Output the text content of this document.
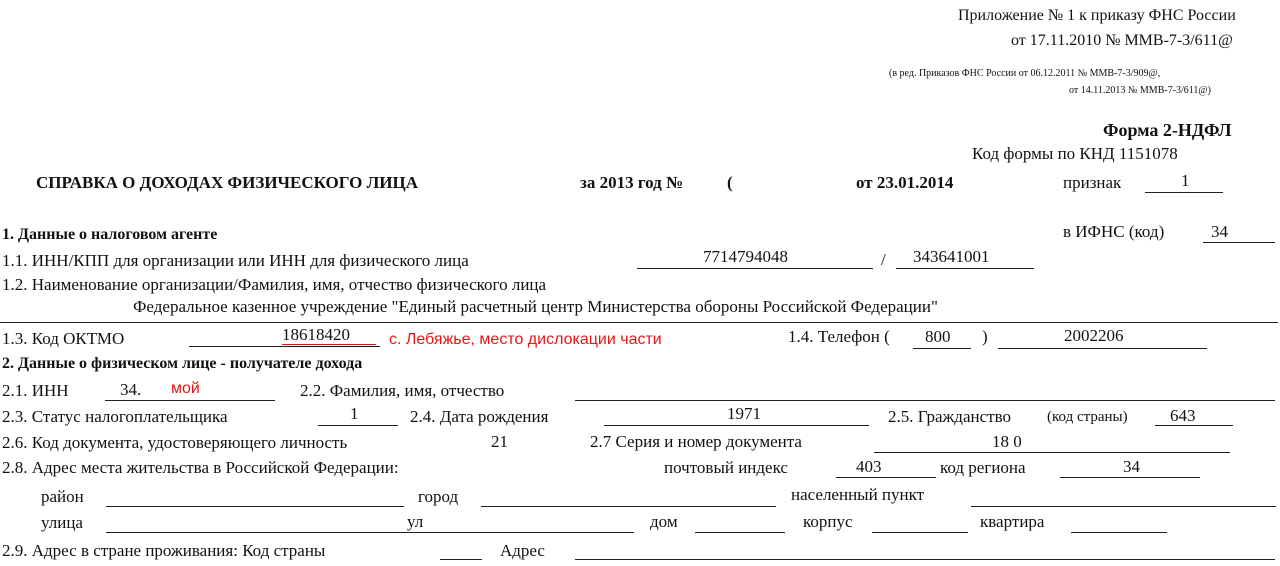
Приложение № 1 к приказу ФНС России
от 17.11.2010 № ММВ-7-3/611@
(в ред. Приказов ФНС России от 06.12.2011 № ММВ-7-3/909@,
от 14.11.2013 № ММВ-7-3/611@)
Форма 2-НДФЛ
Код формы по КНД 1151078
СПРАВКА О ДОХОДАХ ФИЗИЧЕСКОГО ЛИЦА	за 2013 год №	(	от 23.01.2014	признак	1
1. Данные о налоговом агенте	в ИФНС (код)	34
1.1. ИНН/КПП для организации или ИНН для физического лица	7714794048	/ 343641001
1.2. Наименование организации/Фамилия, имя, отчество физического лица
Федеральное казенное учреждение "Единый расчетный центр Министерства обороны Российской Федерации"
1.3. Код ОКТМО	18618420 с. Лебяжье, место дислокации части	1.4. Телефон ( 800 )	2002206
2. Данные о физическом лице - получателе дохода
2.1. ИНН	34. мой	2.2. Фамилия, имя, отчество
2.3. Статус налогоплательщика	1	2.4. Дата рождения	1971	2.5. Гражданство (код страны) 643
2.6. Код документа, удостоверяющего личность	21	2.7 Серия и номер документа	18 0
2.8. Адрес места жительства в Российской Федерации:	почтовый индекс	403	код региона	34
район	город	населенный пункт
улица	ул	дом	корпус	квартира
2.9. Адрес в стране проживания: Код страны	Адрес
